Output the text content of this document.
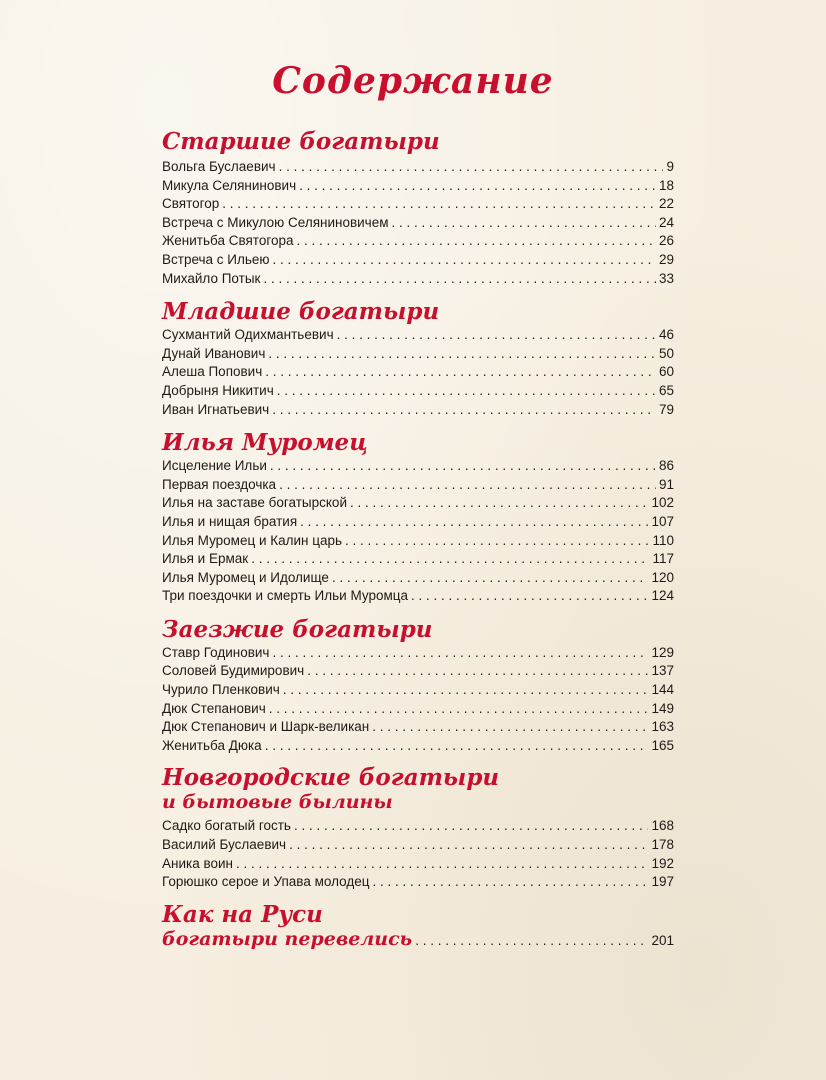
Содержание
Старшие богатыри
Вольга Буслаевич . . .	9
Микула Селянинович . . .	18
Святогор . . .	22
Встреча с Микулою Селяниновичем . . .	24
Женитьба Святогора . . .	26
Встреча с Ильею . . .	29
Михайло Потык . . .	33
Младшие богатыри
Сухмантий Одихмантьевич . . .	46
Дунай Иванович . . .	50
Алеша Попович . . .	60
Добрыня Никитич . . .	65
Иван Игнатьевич . . .	79
Илья Муромец
Исцеление Ильи . . .	86
Первая поездочка . . .	91
Илья на заставе богатырской . . .	102
Илья и нищая братия . . .	107
Илья Муромец и Калин царь . . .	110
Илья и Ермак . . .	117
Илья Муромец и Идолище . . .	120
Три поездочки и смерть Ильи Муромца . . .	124
Заезжие богатыри
Ставр Годинович . . .	129
Соловей Будимирович . . .	137
Чурило Пленкович . . .	144
Дюк Степанович . . .	149
Дюк Степанович и Шарк-великан . . .	163
Женитьба Дюка . . .	165
Новгородские богатыри
и бытовые былины
Садко богатый гость . . .	168
Василий Буслаевич . . .	178
Аника воин . . .	192
Горюшко серое и Упава молодец . . .	197
Как на Руси
богатыри перевелись . . .	201
